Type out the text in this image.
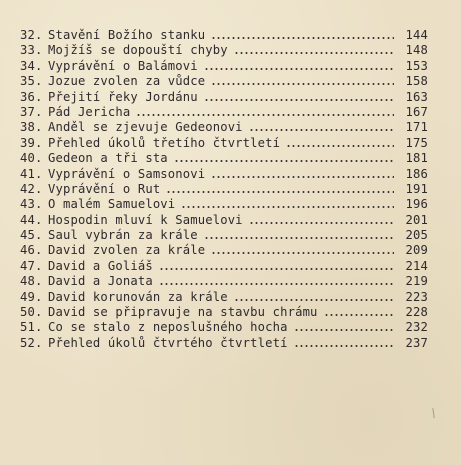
32. Stavění Božího stanku	144
33. Mojžíš se dopouští chyby	148
34. Vyprávění o Balámovi	153
35. Jozue zvolen za vůdce	158
36. Přejití řeky Jordánu	163
37. Pád Jericha	167
38. Anděl se zjevuje Gedeonovi	171
39. Přehled úkolů třetího čtvrtletí	175
40. Gedeon a tři sta	181
41. Vyprávění o Samsonovi	186
42. Vyprávění o Rut	191
43. O malém Samuelovi	196
44. Hospodin mluví k Samuelovi	201
45. Saul vybrán za krále	205
46. David zvolen za krále	209
47. David a Goliáš	214
48. David a Jonata	219
49. David korunován za krále	223
50. David se připravuje na stavbu chrámu	228
51. Co se stalo z neposlušného hocha	232
52. Přehled úkolů čtvrtého čtvrtletí	237
